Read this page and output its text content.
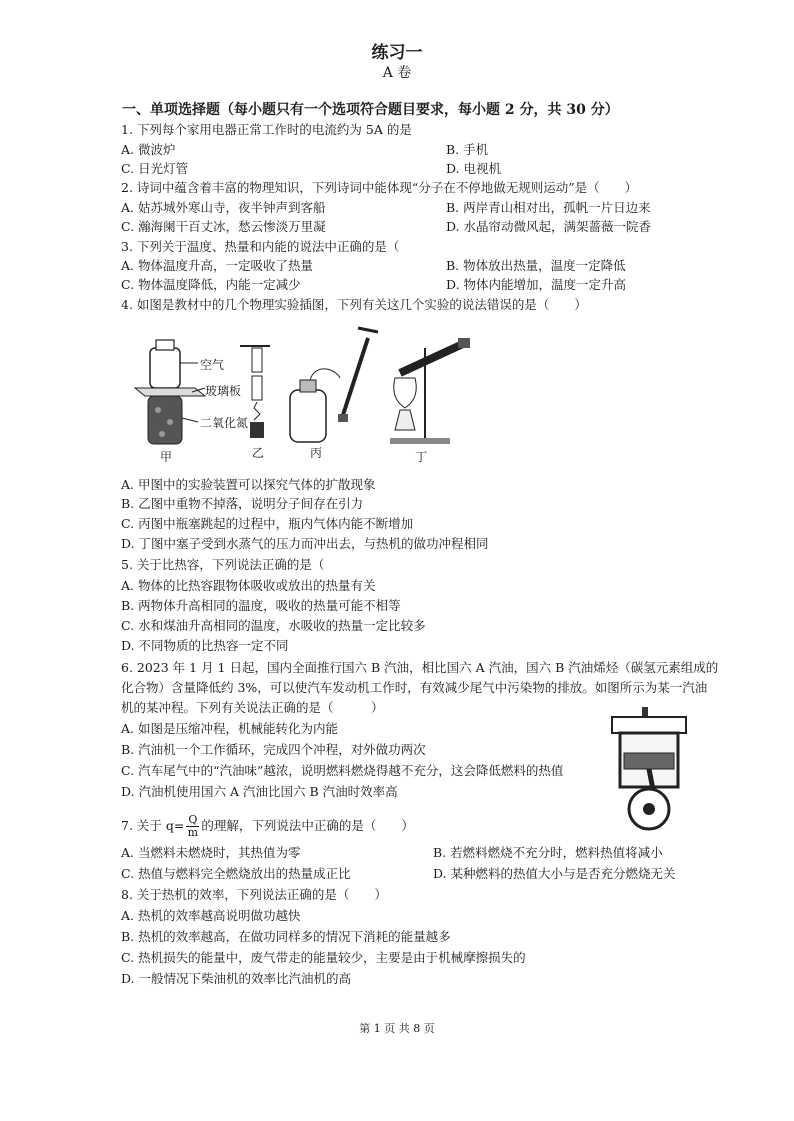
练习一
A 卷
一、单项选择题（每小题只有一个选项符合题目要求，每小题 2 分，共 30 分）
1. 下列每个家用电器正常工作时的电流约为 5A 的是
A. 微波炉	B. 手机
C. 日光灯管	D. 电视机
2. 诗词中蕴含着丰富的物理知识，下列诗词中能体现“分子在不停地做无规则运动”是（　　）
A. 姑苏城外寒山寺，夜半钟声到客船	B. 两岸青山相对出，孤帆一片日边来
C. 瀚海阑干百丈冰，愁云惨淡万里凝	D. 水晶帘动微风起，满架蔷薇一院香
3. 下列关于温度、热量和内能的说法中正确的是（
A. 物体温度升高，一定吸收了热量	B. 物体放出热量，温度一定降低
C. 物体温度降低，内能一定减少	D. 物体内能增加，温度一定升高
4. 如图是教材中的几个物理实验插图，下列有关这几个实验的说法错误的是（　　）
空气
玻璃板
二氧化氮
甲	乙	丙	丁
A. 甲图中的实验装置可以探究气体的扩散现象
B. 乙图中重物不掉落，说明分子间存在引力
C. 丙图中瓶塞跳起的过程中，瓶内气体内能不断增加
D. 丁图中塞子受到水蒸气的压力而冲出去，与热机的做功冲程相同
5. 关于比热容，下列说法正确的是（
A. 物体的比热容跟物体吸收或放出的热量有关
B. 两物体升高相同的温度，吸收的热量可能不相等
C. 水和煤油升高相同的温度，水吸收的热量一定比较多
D. 不同物质的比热容一定不同
6. 2023 年 1 月 1 日起，国内全面推行国六 B 汽油，相比国六 A 汽油，国六 B 汽油烯烃（碳氢元素组成的
化合物）含量降低约 3%，可以使汽车发动机工作时，有效减少尾气中污染物的排放。如图所示为某一汽油
机的某冲程。下列有关说法正确的是（　　　）
A. 如图是压缩冲程，机械能转化为内能
B. 汽油机一个工作循环，完成四个冲程，对外做功两次
C. 汽车尾气中的“汽油味”越浓，说明燃料燃烧得越不充分，这会降低燃料的热值
D. 汽油机使用国六 A 汽油比国六 B 汽油时效率高
7. 关于 $q= \frac{Q}{m}$ 的理解，下列说法中正确的是（　　）
A. 当燃料未燃烧时，其热值为零	B. 若燃料燃烧不充分时，燃料热值将减小
C. 热值与燃料完全燃烧放出的热量成正比	D. 某种燃料的热值大小与是否充分燃烧无关
8. 关于热机的效率，下列说法正确的是（　　）
A. 热机的效率越高说明做功越快
B. 热机的效率越高，在做功同样多的情况下消耗的能量越多
C. 热机损失的能量中，废气带走的能量较少，主要是由于机械摩擦损失的
D. 一般情况下柴油机的效率比汽油机的高
第 1 页 共 8 页
